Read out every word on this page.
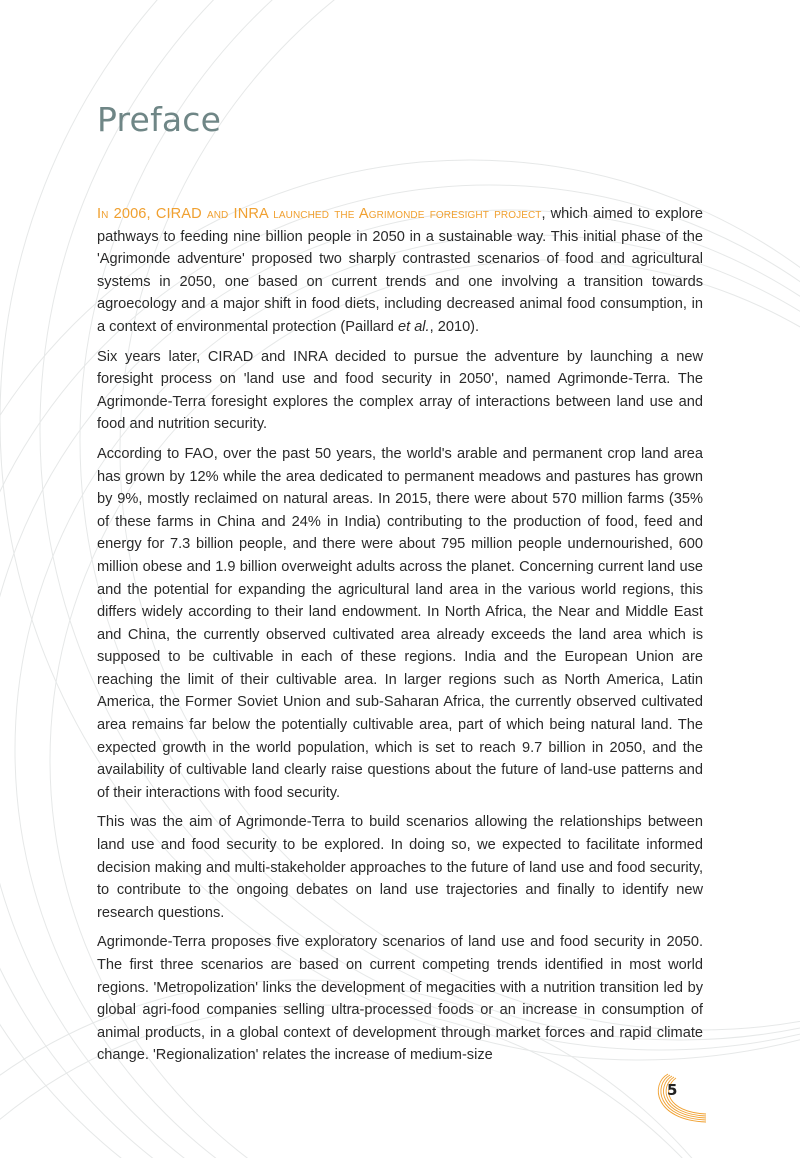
Preface

In 2006, CIRAD and INRA launched the Agrimonde foresight project, which aimed to explore pathways to feeding nine billion people in 2050 in a sustainable way. This initial phase of the 'Agrimonde adventure' proposed two sharply contrasted scenarios of food and agricultural systems in 2050, one based on current trends and one involving a transition towards agroecology and a major shift in food diets, including decreased animal food consumption, in a context of environmental protection (Paillard et al., 2010).

Six years later, CIRAD and INRA decided to pursue the adventure by launching a new foresight process on 'land use and food security in 2050', named Agrimonde-Terra. The Agrimonde-Terra foresight explores the complex array of interactions between land use and food and nutrition security.

According to FAO, over the past 50 years, the world's arable and permanent crop land area has grown by 12% while the area dedicated to permanent meadows and pastures has grown by 9%, mostly reclaimed on natural areas. In 2015, there were about 570 million farms (35% of these farms in China and 24% in India) contributing to the production of food, feed and energy for 7.3 billion people, and there were about 795 million people undernourished, 600 million obese and 1.9 billion overweight adults across the planet. Concerning current land use and the potential for expanding the agricultural land area in the various world regions, this differs widely according to their land endowment. In North Africa, the Near and Middle East and China, the currently observed cultivated area already exceeds the land area which is supposed to be cultivable in each of these regions. India and the European Union are reaching the limit of their cultivable area. In larger regions such as North America, Latin America, the Former Soviet Union and sub-Saharan Africa, the currently observed cultivated area remains far below the potentially cultivable area, part of which being natural land. The expected growth in the world population, which is set to reach 9.7 billion in 2050, and the availability of cultivable land clearly raise questions about the future of land-use patterns and of their interactions with food security.

This was the aim of Agrimonde-Terra to build scenarios allowing the relationships between land use and food security to be explored. In doing so, we expected to facilitate informed decision making and multi-stakeholder approaches to the future of land use and food security, to contribute to the ongoing debates on land use trajectories and finally to identify new research questions.

Agrimonde-Terra proposes five exploratory scenarios of land use and food security in 2050. The first three scenarios are based on current competing trends identified in most world regions. 'Metropolization' links the development of megacities with a nutrition transition led by global agri-food companies selling ultra-processed foods or an increase in consumption of animal products, in a global context of development through market forces and rapid climate change. 'Regionalization' relates the increase of medium-size

5
